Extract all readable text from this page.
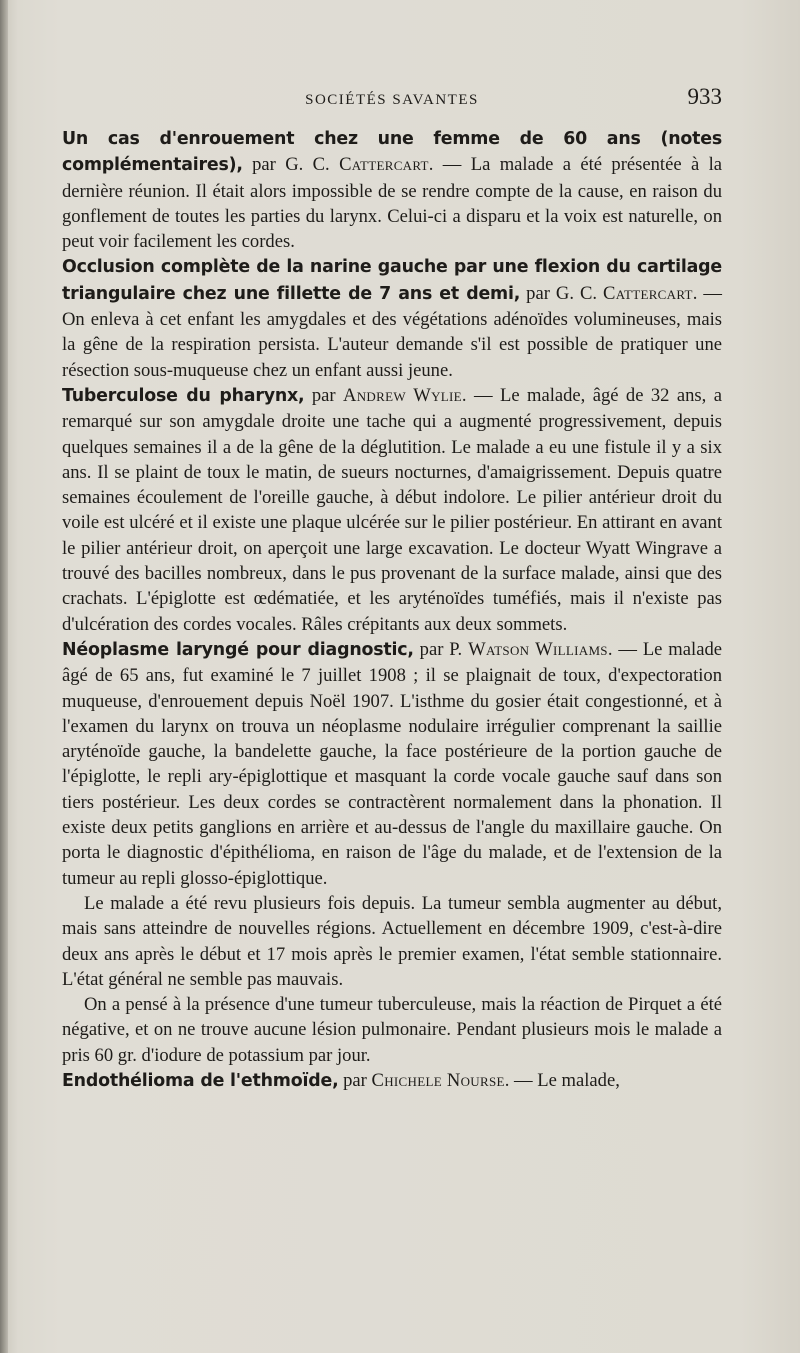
SOCIÉTÉS SAVANTES	933

Un cas d'enrouement chez une femme de 60 ans (notes complémentaires), par G. C. Cattercart. — La malade a été présentée à la dernière réunion. Il était alors impossible de se rendre compte de la cause, en raison du gonflement de toutes les parties du larynx. Celui-ci a disparu et la voix est naturelle, on peut voir facilement les cordes.

Occlusion complète de la narine gauche par une flexion du cartilage triangulaire chez une fillette de 7 ans et demi, par G. C. Cattercart. — On enleva à cet enfant les amygdales et des végétations adénoïdes volumineuses, mais la gêne de la respiration persista. L'auteur demande s'il est possible de pratiquer une résection sous-muqueuse chez un enfant aussi jeune.

Tuberculose du pharynx, par Andrew Wylie. — Le malade, âgé de 32 ans, a remarqué sur son amygdale droite une tache qui a augmenté progressivement, depuis quelques semaines il a de la gêne de la déglutition. Le malade a eu une fistule il y a six ans. Il se plaint de toux le matin, de sueurs nocturnes, d'amaigrissement. Depuis quatre semaines écoulement de l'oreille gauche, à début indolore. Le pilier antérieur droit du voile est ulcéré et il existe une plaque ulcérée sur le pilier postérieur. En attirant en avant le pilier antérieur droit, on aperçoit une large excavation. Le docteur Wyatt Wingrave a trouvé des bacilles nombreux, dans le pus provenant de la surface malade, ainsi que des crachats. L'épiglotte est œdématiée, et les aryténoïdes tuméfiés, mais il n'existe pas d'ulcération des cordes vocales. Râles crépitants aux deux sommets.

Néoplasme laryngé pour diagnostic, par P. Watson Williams. — Le malade âgé de 65 ans, fut examiné le 7 juillet 1908 ; il se plaignait de toux, d'expectoration muqueuse, d'enrouement depuis Noël 1907. L'isthme du gosier était congestionné, et à l'examen du larynx on trouva un néoplasme nodulaire irrégulier comprenant la saillie aryténoïde gauche, la bandelette gauche, la face postérieure de la portion gauche de l'épiglotte, le repli ary-épiglottique et masquant la corde vocale gauche sauf dans son tiers postérieur. Les deux cordes se contractèrent normalement dans la phonation. Il existe deux petits ganglions en arrière et au-dessus de l'angle du maxillaire gauche. On porta le diagnostic d'épithélioma, en raison de l'âge du malade, et de l'extension de la tumeur au repli glosso-épiglottique.

Le malade a été revu plusieurs fois depuis. La tumeur sembla augmenter au début, mais sans atteindre de nouvelles régions. Actuellement en décembre 1909, c'est-à-dire deux ans après le début et 17 mois après le premier examen, l'état semble stationnaire. L'état général ne semble pas mauvais.

On a pensé à la présence d'une tumeur tuberculeuse, mais la réaction de Pirquet a été négative, et on ne trouve aucune lésion pulmonaire. Pendant plusieurs mois le malade a pris 60 gr. d'iodure de potassium par jour.

Endothélioma de l'ethmoïde, par Chichele Nourse. — Le malade,
